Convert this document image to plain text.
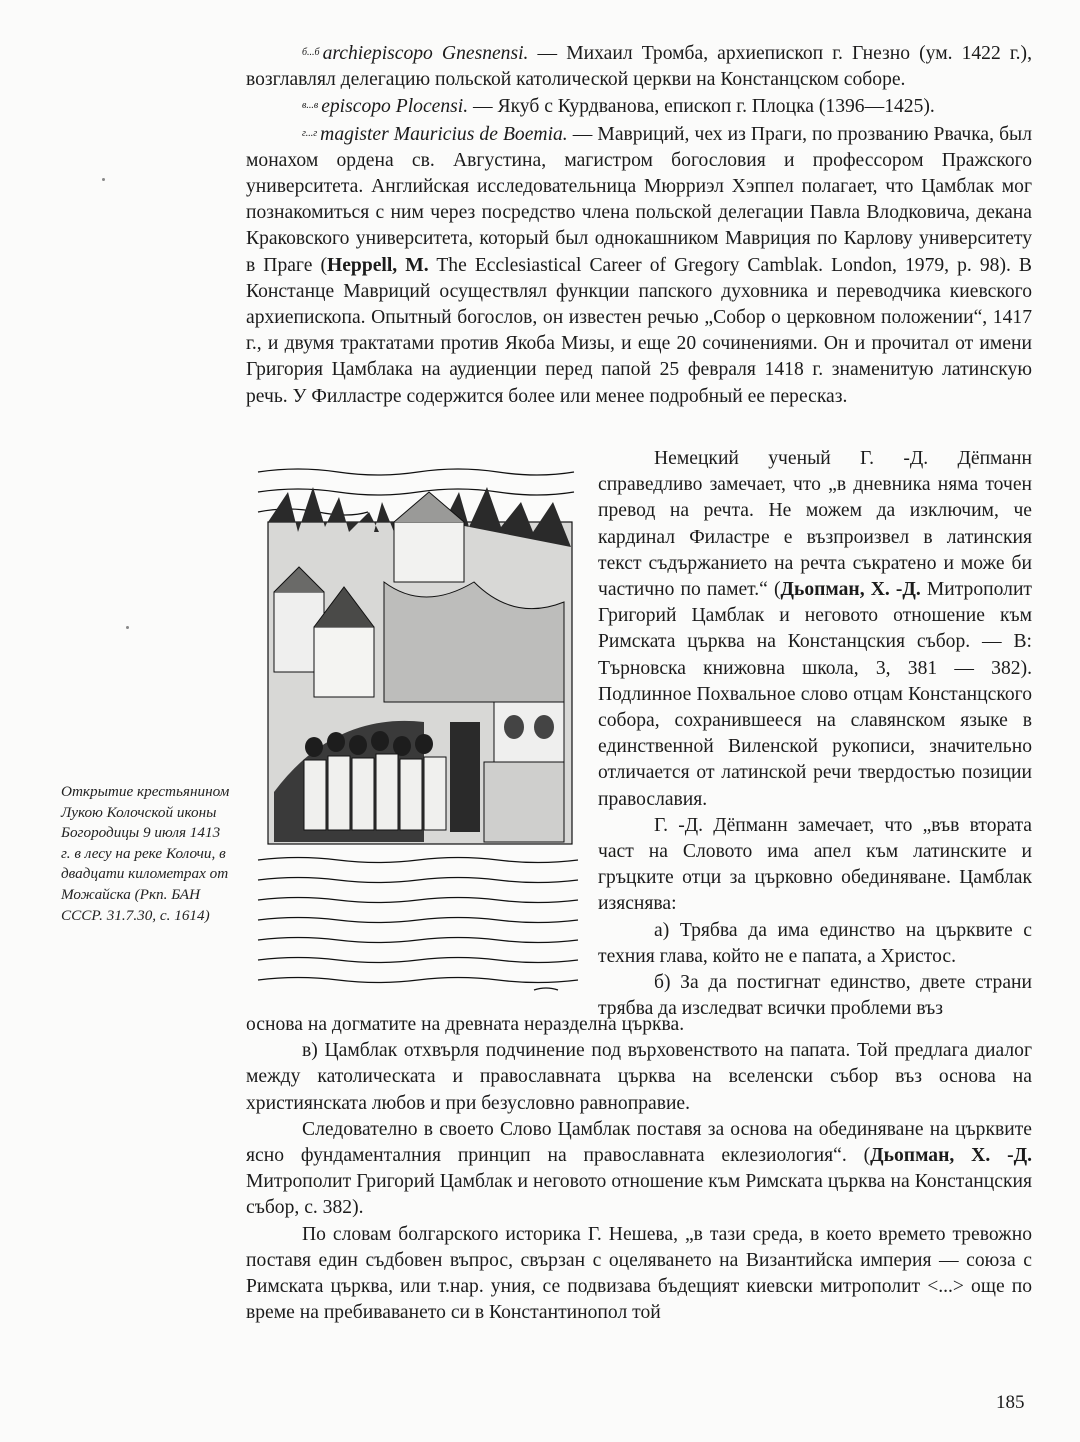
$^{б...б}$ archiepiscopo Gnesnensi. — Михаил Тромба, архиепископ г. Гнезно (ум. 1422 г.), возглавлял делегацию польской католической церкви на Констанцском соборе.

$^{в...в}$ episcopo Plocensi. — Якуб с Курдванова, епископ г. Плоцка (1396—1425).

$^{г...г}$ magister Mauricius de Boemia. — Мавриций, чех из Праги, по прозванию Рвачка, был монахом ордена св. Августина, магистром богословия и профессором Пражского университета. Английская исследовательница Мюрриэл Хэппел полагает, что Цамблак мог познакомиться с ним через посредство члена польской делегации Павла Влодковича, декана Краковского университета, который был однокашником Мавриция по Карлову университету в Праге (Heppell, M. The Ecclesiastical Career of Gregory Camblak. London, 1979, p. 98). В Констанце Мавриций осуществлял функции папского духовника и переводчика киевского архиепископа. Опытный богослов, он известен речью „Собор о церковном положении“, 1417 г., и двумя трактатами против Якоба Мизы, и еще 20 сочинениями. Он и прочитал от имени Григория Цамблака на аудиенции перед папой 25 февраля 1418 г. знаменитую латинскую речь. У Филластре содержится более или менее подробный ее пересказ.

Немецкий ученый Г. -Д. Дёпманн справедливо замечает, что „в дневника няма точен превод на речта. Не можем да изключим, че кардинал Филастре е възпроизвел в латинския текст съдържанието на речта съкратено и може би частично по памет.“ (Дьопман, Х. -Д. Митрополит Григорий Цамблак и неговото отношение към Римската църква на Констанцския събор. — В: Търновска книжовна школа, 3, 381 — 382). Подлинное Похвальное слово отцам Констанцского собора, сохранившееся на славянском языке в единственной Виленской рукописи, значительно отличается от латинской речи твердостью позиции православия.

Г. -Д. Дёпманн замечает, что „във втората част на Словото има апел към латинските и гръцките отци за църковно обединяване. Цамблак изяснява:

а) Трябва да има единство на църквите с техния глава, който не е папата, а Христос.

б) За да постигнат единство, двете страни трябва да изследват всички проблеми въз

Открытие крестьянином Лукою Колочской иконы Богородицы 9 июля 1413 г. в лесу на реке Колочи, в двадцати километрах от Можайска (Ркп. БАН СССР. 31.7.30, с. 1614)

основа на догматите на древната неразделна църква.

в) Цамблак отхвърля подчинение под върховенството на папата. Той предлага диалог между католическата и православната църква на вселенски събор въз основа на християнската любов и при безусловно равноправие.

Следователно в своето Слово Цамблак поставя за основа на обединяване на църквите ясно фундаменталния принцип на православната еклезиология“. (Дьопман, Х. -Д. Митрополит Григорий Цамблак и неговото отношение към Римската църква на Констанцския събор, с. 382).

По словам болгарского историка Г. Нешева, „в тази среда, в което времето тревожно поставя един съдбовен въпрос, свързан с оцеляването на Византийска империя — союза с Римската църква, или т.нар. уния, се подвизава бъдещият киевски митрополит <...> още по време на пребиваването си в Константинопол той

185
